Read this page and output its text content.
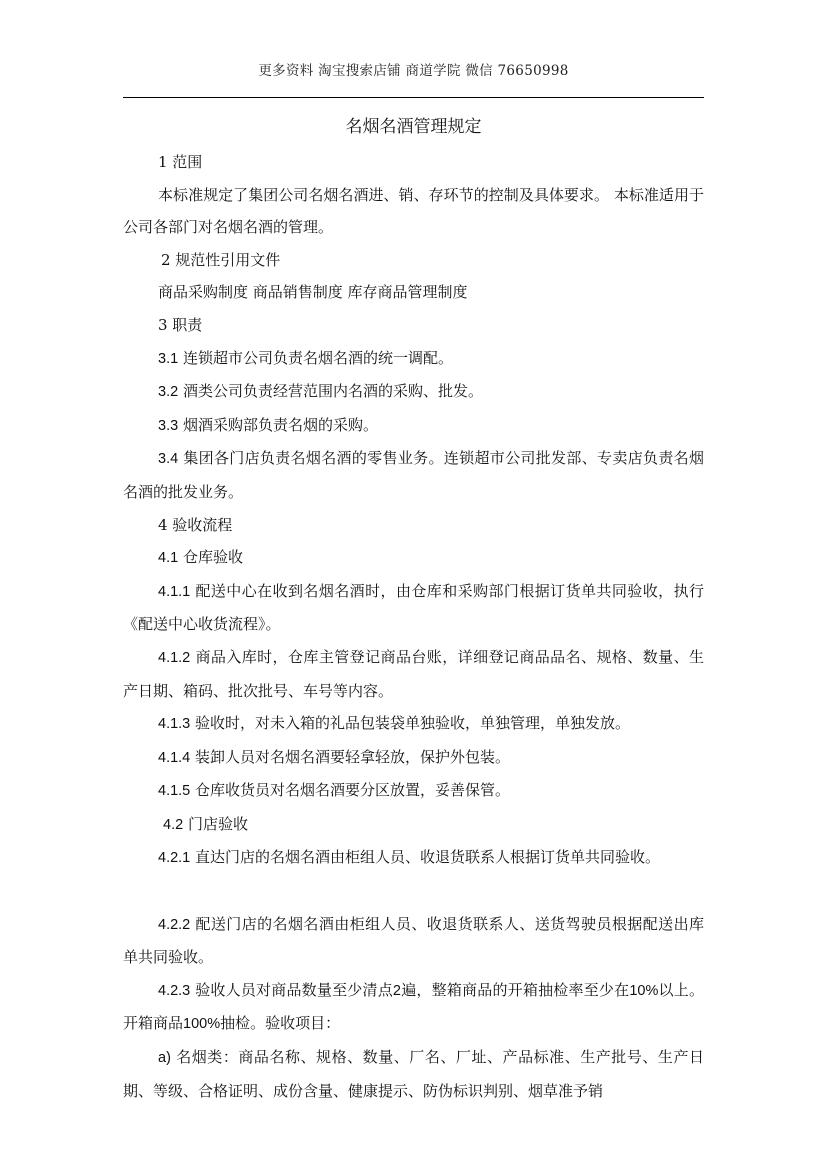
更多资料 淘宝搜索店铺 商道学院 微信 76650998
名烟名酒管理规定

1 范围

本标准规定了集团公司名烟名酒进、销、存环节的控制及具体要求。 本标准适用于公司各部门对名烟名酒的管理。

2 规范性引用文件

商品采购制度 商品销售制度 库存商品管理制度

3 职责

3.1 连锁超市公司负责名烟名酒的统一调配。

3.2 酒类公司负责经营范围内名酒的采购、批发。

3.3 烟酒采购部负责名烟的采购。

3.4 集团各门店负责名烟名酒的零售业务。连锁超市公司批发部、专卖店负责名烟名酒的批发业务。

4 验收流程

4.1 仓库验收

4.1.1 配送中心在收到名烟名酒时，由仓库和采购部门根据订货单共同验收，执行《配送中心收货流程》。

4.1.2 商品入库时，仓库主管登记商品台账，详细登记商品品名、规格、数量、生产日期、箱码、批次批号、车号等内容。

4.1.3 验收时，对未入箱的礼品包装袋单独验收，单独管理，单独发放。

4.1.4 装卸人员对名烟名酒要轻拿轻放，保护外包装。

4.1.5 仓库收货员对名烟名酒要分区放置，妥善保管。

4.2 门店验收

4.2.1 直达门店的名烟名酒由柜组人员、收退货联系人根据订货单共同验收。

4.2.2 配送门店的名烟名酒由柜组人员、收退货联系人、送货驾驶员根据配送出库单共同验收。

4.2.3 验收人员对商品数量至少清点2遍，整箱商品的开箱抽检率至少在10%以上。开箱商品100%抽检。验收项目：

a) 名烟类：商品名称、规格、数量、厂名、厂址、产品标准、生产批号、生产日期、等级、合格证明、成份含量、健康提示、防伪标识判别、烟草准予销
